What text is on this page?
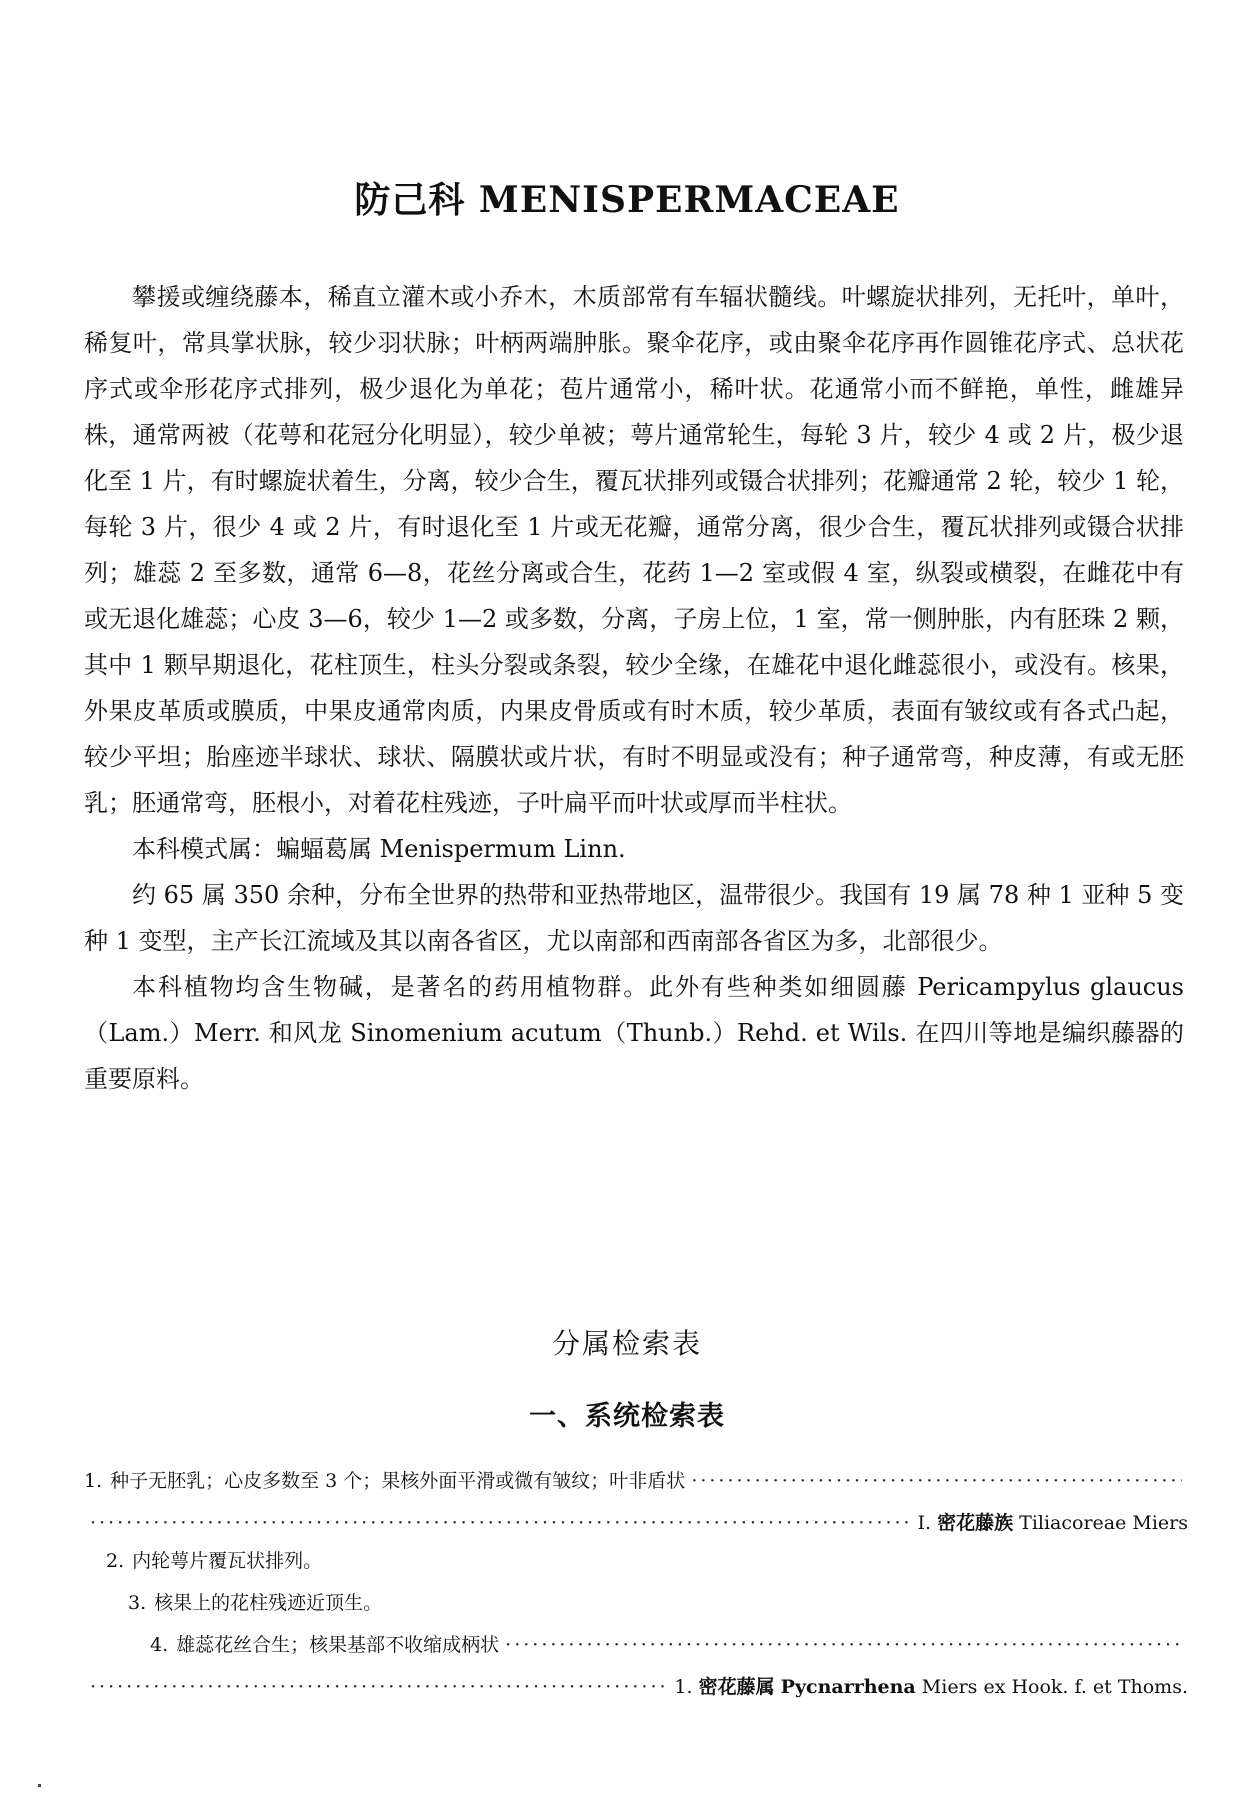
防己科 MENISPERMACEAE

攀援或缠绕藤本，稀直立灌木或小乔木，木质部常有车辐状髓线。叶螺旋状排列，无托叶，单叶，稀复叶，常具掌状脉，较少羽状脉；叶柄两端肿胀。聚伞花序，或由聚伞花序再作圆锥花序式、总状花序式或伞形花序式排列，极少退化为单花；苞片通常小，稀叶状。花通常小而不鲜艳，单性，雌雄异株，通常两被（花萼和花冠分化明显），较少单被；萼片通常轮生，每轮 3 片，较少 4 或 2 片，极少退化至 1 片，有时螺旋状着生，分离，较少合生，覆瓦状排列或镊合状排列；花瓣通常 2 轮，较少 1 轮，每轮 3 片，很少 4 或 2 片，有时退化至 1 片或无花瓣，通常分离，很少合生，覆瓦状排列或镊合状排列；雄蕊 2 至多数，通常 6—8，花丝分离或合生，花药 1—2 室或假 4 室，纵裂或横裂，在雌花中有或无退化雄蕊；心皮 3—6，较少 1—2 或多数，分离，子房上位，1 室，常一侧肿胀，内有胚珠 2 颗，其中 1 颗早期退化，花柱顶生，柱头分裂或条裂，较少全缘，在雄花中退化雌蕊很小，或没有。核果，外果皮革质或膜质，中果皮通常肉质，内果皮骨质或有时木质，较少革质，表面有皱纹或有各式凸起，较少平坦；胎座迹半球状、球状、隔膜状或片状，有时不明显或没有；种子通常弯，种皮薄，有或无胚乳；胚通常弯，胚根小，对着花柱残迹，子叶扁平而叶状或厚而半柱状。

本科模式属：蝙蝠葛属 Menispermum Linn.

约 65 属 350 余种，分布全世界的热带和亚热带地区，温带很少。我国有 19 属 78 种 1 亚种 5 变种 1 变型，主产长江流域及其以南各省区，尤以南部和西南部各省区为多，北部很少。

本科植物均含生物碱，是著名的药用植物群。此外有些种类如细圆藤 Pericampylus glaucus（Lam.）Merr. 和风龙 Sinomenium acutum（Thunb.）Rehd. et Wils. 在四川等地是编织藤器的重要原料。

分属检索表
一、系统检索表
1. 种子无胚乳；心皮多数至 3 个；果核外面平滑或微有皱纹；叶非盾状
·····
·····
Ⅰ. 密花藤族 Tiliacoreae Miers
2. 内轮萼片覆瓦状排列。
3. 核果上的花柱残迹近顶生。
4. 雄蕊花丝合生；核果基部不收缩成柄状
·····
·····
1. 密花藤属 Pycnarrhena Miers ex Hook. f. et Thoms.
